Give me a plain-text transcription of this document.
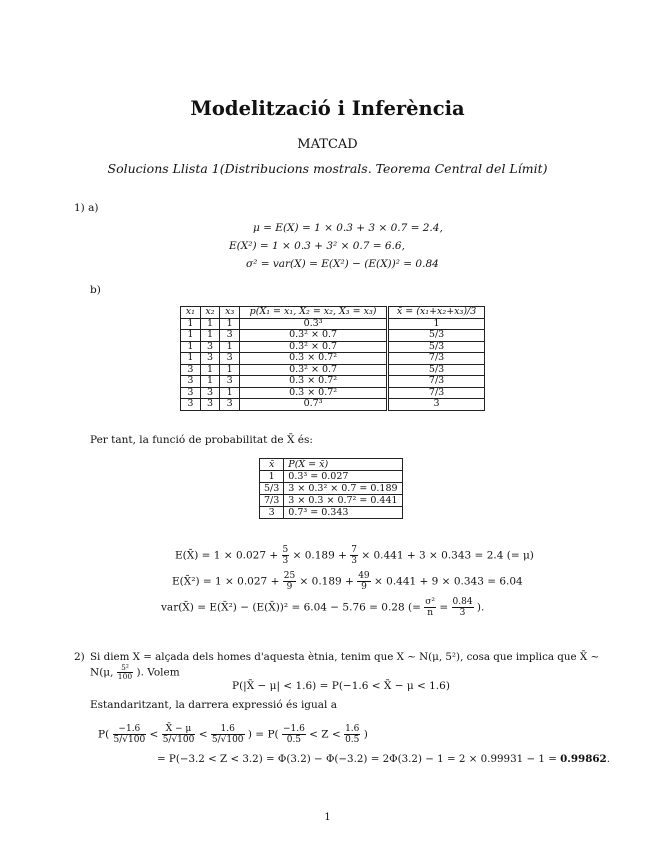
Modelització i Inferència
MATCAD
Solucions Llista 1(Distribucions mostrals. Teorema Central del Límit)
1) a)
μ = E(X) = 1 × 0.3 + 3 × 0.7 = 2.4,
E(X²) = 1 × 0.3 + 3² × 0.7 = 6.6,
σ² = var(X) = E(X²) − (E(X))² = 0.84
b)
x₁	x₂	x₃	p(X₁ = x₁, X₂ = x₂, X₃ = x₃)	x̄ = (x₁+x₂+x₃)/3
1	1	1	0.3³	1
1	1	3	0.3² × 0.7	5/3
1	3	1	0.3² × 0.7	5/3
1	3	3	0.3 × 0.7²	7/3
3	1	1	0.3² × 0.7	5/3
3	1	3	0.3 × 0.7²	7/3
3	3	1	0.3 × 0.7²	7/3
3	3	3	0.7³	3
Per tant, la funció de probabilitat de X̄ és:
x̄	P(X̄ = x̄)
1	0.3³ = 0.027
5/3	3 × 0.3² × 0.7 = 0.189
7/3	3 × 0.3 × 0.7² = 0.441
3	0.7³ = 0.343
E(X̄) = $1 \times 0.027 + \frac{5}{3} \times 0.189 + \frac{7}{3} \times 0.441 + 3 \times 0.343 = 2.4$ (= μ)
E(X̄²) = $1 \times 0.027 + \frac{25}{9} \times 0.189 + \frac{49}{9} \times 0.441 + 9 \times 0.343 = 6.04$
var(X̄) = E(X̄²) − (E(X̄))² = 6.04 − 5.76 = 0.28 (= $\frac{\text{σ²}}{n} = \frac{0.84}{3}$ ).
2) Si diem X = alçada dels homes d'aquesta ètnia, tenim que X ∼ N(μ, 5²), cosa que implica que X̄ ∼
N(μ, $\frac{\text{5²}}{100}$ ). Volem
P(|X̄ − μ| < 1.6) = P(−1.6 < X̄ − μ < 1.6)
Estandaritzant, la darrera expressió és igual a
$P( \frac{-1.6}{5/√100} < \frac{X̄ - \mu}{5/√100} < \frac{1.6}{5/√100}$ ) = $P( \frac{-1.6}{0.5} < Z < \frac{1.6}{0.5}$ )
= P(−3.2 < Z < 3.2) = Φ(3.2) − Φ(−3.2) = 2Φ(3.2) − 1 = 2 × 0.99931 − 1 = 0.99862.
1
